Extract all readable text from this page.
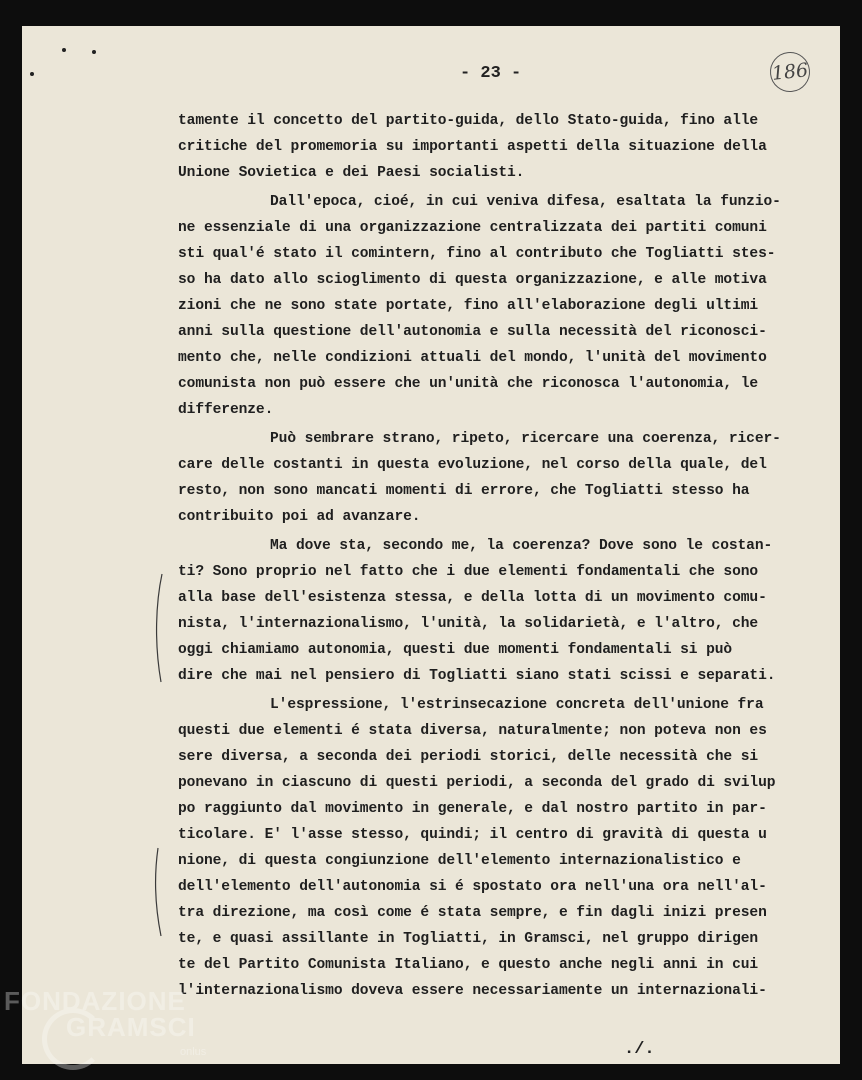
- 23 -	186
tamente il concetto del partito-guida, dello Stato-guida, fino alle
critiche del promemoria su importanti aspetti della situazione della
Unione Sovietica e dei Paesi socialisti.
Dall'epoca, cioé, in cui veniva difesa, esaltata la funzio-
ne essenziale di una organizzazione centralizzata dei partiti comuni
sti qual'é stato il comintern, fino al contributo che Togliatti stes-
so ha dato allo scioglimento di questa organizzazione, e alle motiva
zioni che ne sono state portate, fino all'elaborazione degli ultimi
anni sulla questione dell'autonomia e sulla necessità del riconosci-
mento che, nelle condizioni attuali del mondo, l'unità del movimento
comunista non può essere che un'unità che riconosca l'autonomia, le
differenze.
Può sembrare strano, ripeto, ricercare una coerenza, ricer-
care delle costanti in questa evoluzione, nel corso della quale, del
resto, non sono mancati momenti di errore, che Togliatti stesso ha
contribuito poi ad avanzare.
Ma dove sta, secondo me, la coerenza? Dove sono le costan-
ti? Sono proprio nel fatto che i due elementi fondamentali che sono
alla base dell'esistenza stessa, e della lotta di un movimento comu-
nista, l'internazionalismo, l'unità, la solidarietà, e l'altro, che
oggi chiamiamo autonomia, questi due momenti fondamentali si può
dire che mai nel pensiero di Togliatti siano stati scissi e separati.
L'espressione, l'estrinsecazione concreta dell'unione fra
questi due elementi é stata diversa, naturalmente; non poteva non es
sere diversa, a seconda dei periodi storici, delle necessità che si
ponevano in ciascuno di questi periodi, a seconda del grado di svilup
po raggiunto dal movimento in generale, e dal nostro partito in par-
ticolare. E' l'asse stesso, quindi; il centro di gravità di questa u
nione, di questa congiunzione dell'elemento internazionalistico e
dell'elemento dell'autonomia si é spostato ora nell'una ora nell'al-
tra direzione, ma così come é stata sempre, e fin dagli inizi presen
te, e quasi assillante in Togliatti, in Gramsci, nel gruppo dirigen
te del Partito Comunista Italiano, e questo anche negli anni in cui
l'internazionalismo doveva essere necessariamente un internazionali-
./.
FONDAZIONE
GRAMSCI
onlus
